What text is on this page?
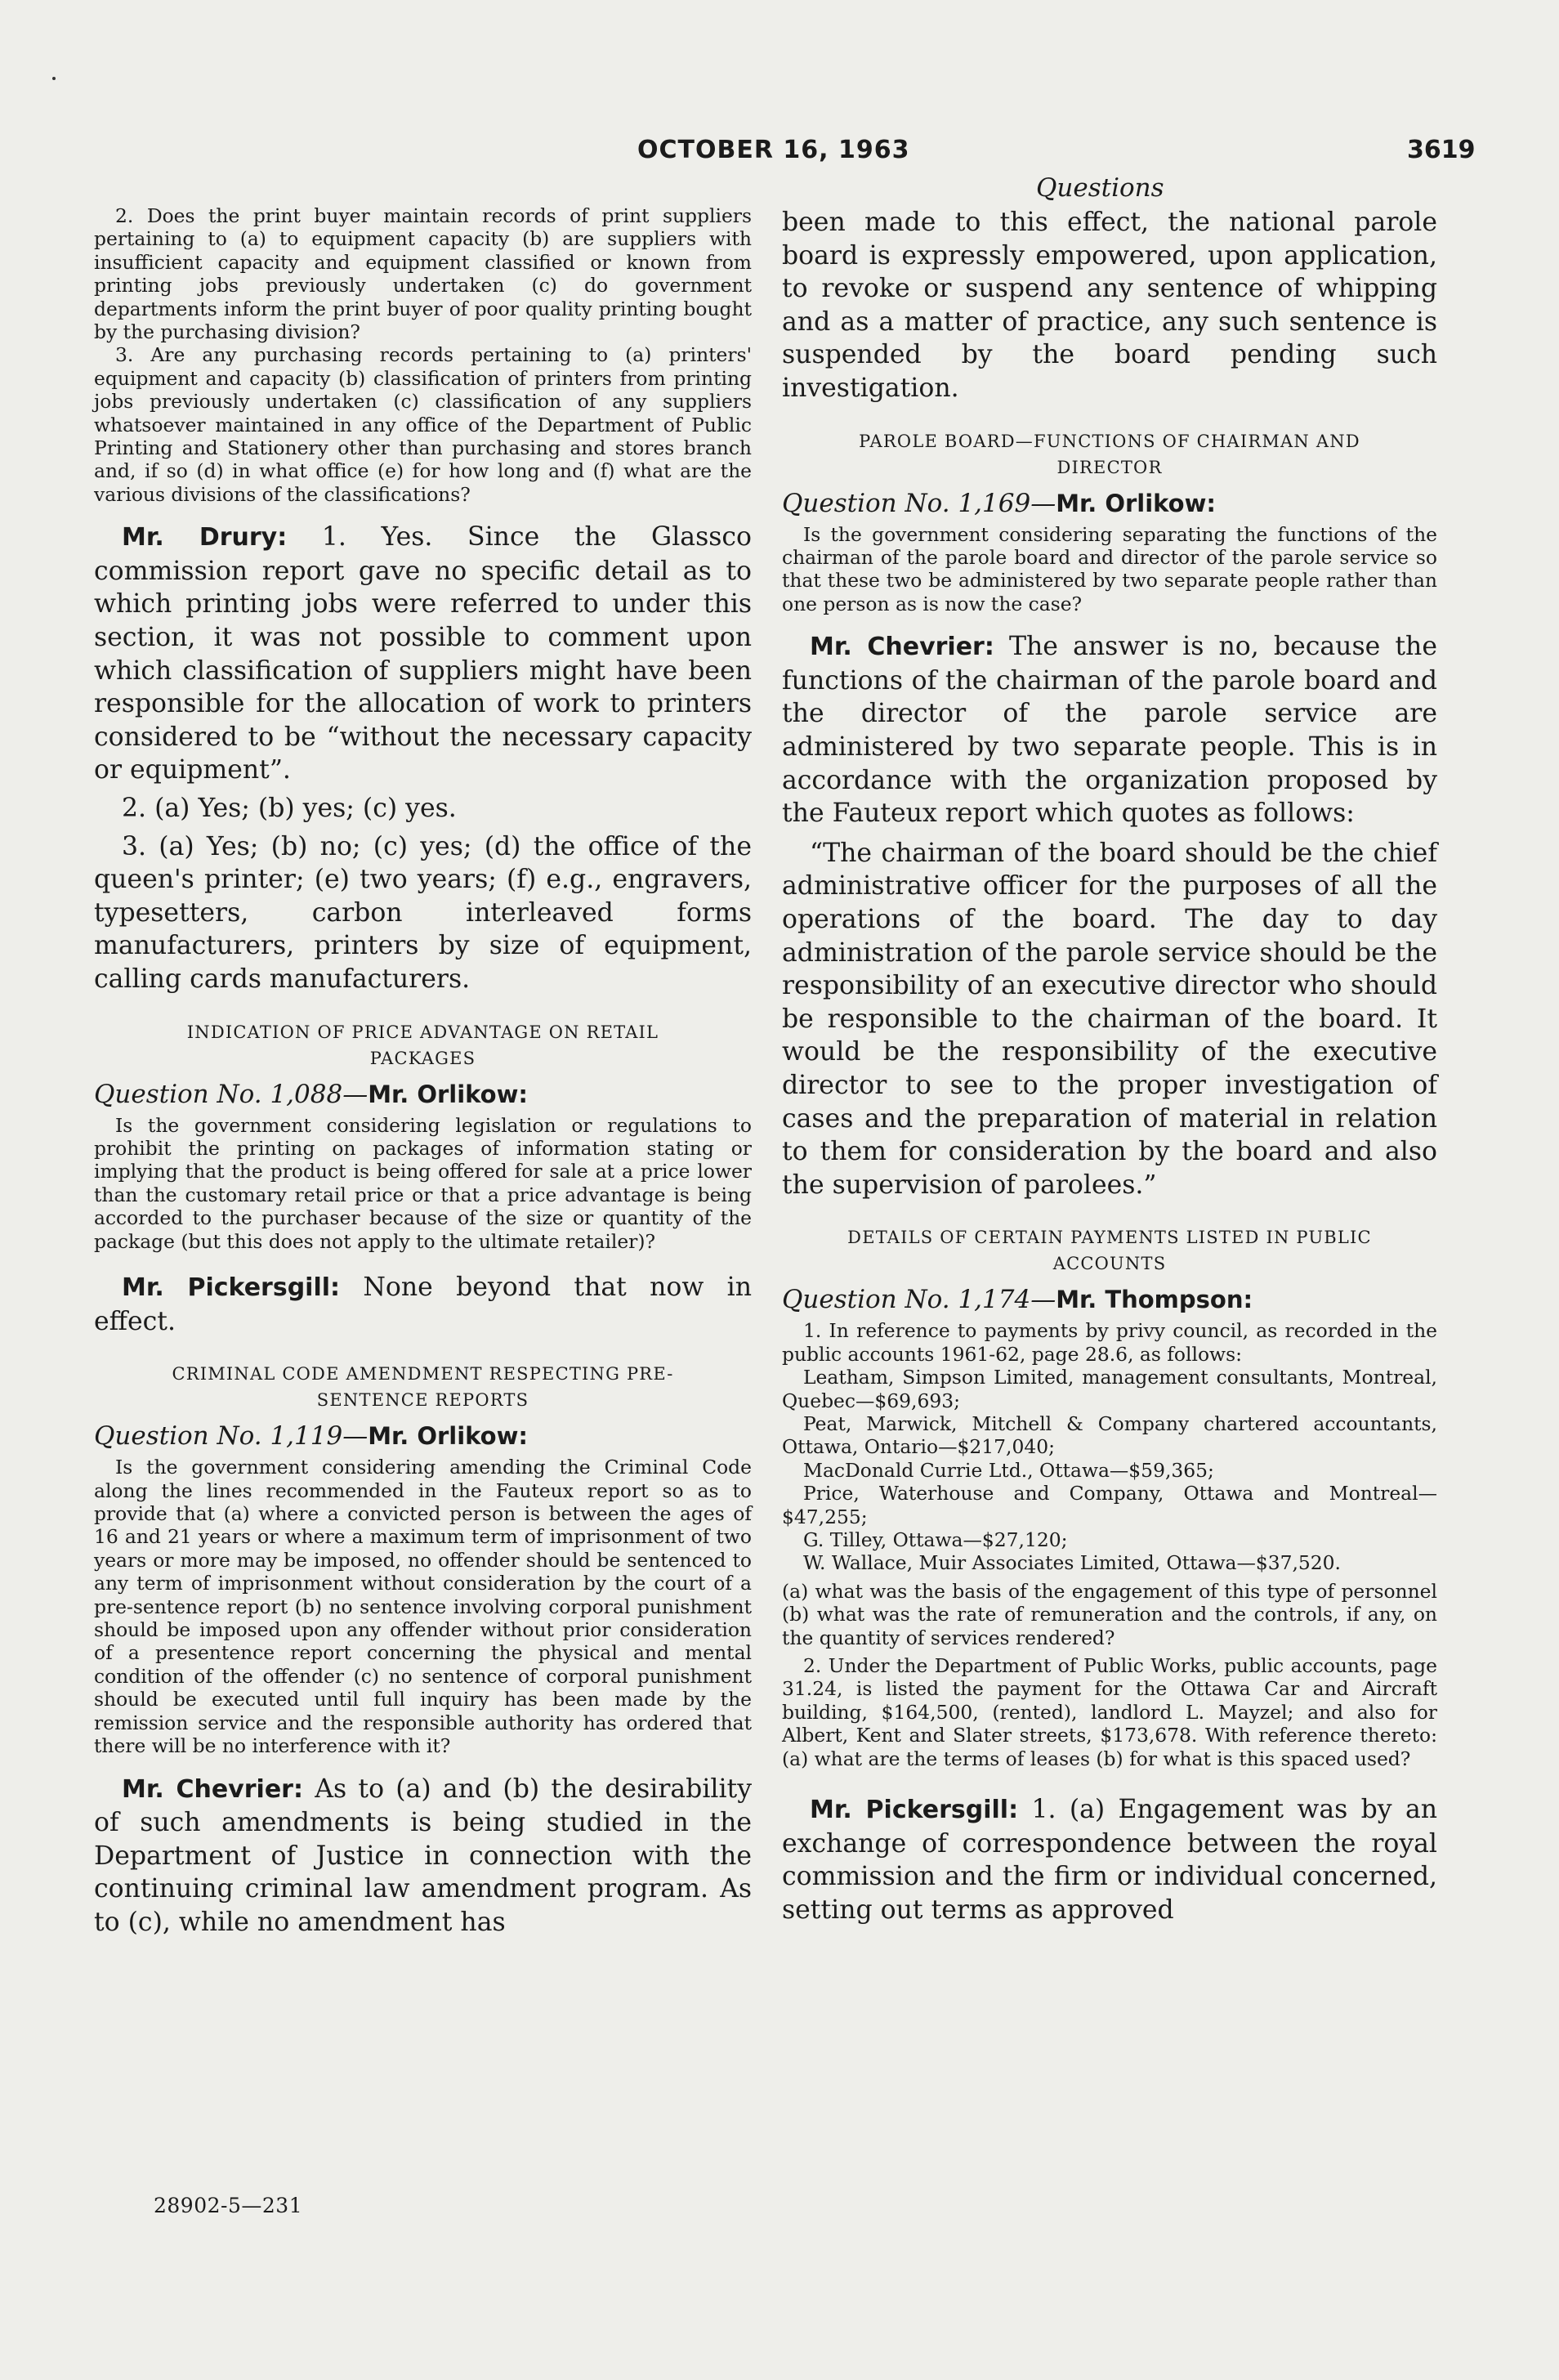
OCTOBER 16, 1963	3619
Questions

2. Does the print buyer maintain records of print suppliers pertaining to (a) to equipment capacity (b) are suppliers with insufficient capacity and equipment classified or known from printing jobs previously undertaken (c) do government departments inform the print buyer of poor quality printing bought by the purchasing division?

3. Are any purchasing records pertaining to (a) printers' equipment and capacity (b) classification of printers from printing jobs previously undertaken (c) classification of any suppliers whatsoever maintained in any office of the Department of Public Printing and Stationery other than purchasing and stores branch and, if so (d) in what office (e) for how long and (f) what are the various divisions of the classifications?

Mr. Drury: 1. Yes. Since the Glassco commission report gave no specific detail as to which printing jobs were referred to under this section, it was not possible to comment upon which classification of suppliers might have been responsible for the allocation of work to printers considered to be “without the necessary capacity or equipment”.

2. (a) Yes; (b) yes; (c) yes.

3. (a) Yes; (b) no; (c) yes; (d) the office of the queen's printer; (e) two years; (f) e.g., engravers, typesetters, carbon interleaved forms manufacturers, printers by size of equipment, calling cards manufacturers.

INDICATION OF PRICE ADVANTAGE ON RETAIL PACKAGES
Question No. 1,088—Mr. Orlikow:

Is the government considering legislation or regulations to prohibit the printing on packages of information stating or implying that the product is being offered for sale at a price lower than the customary retail price or that a price advantage is being accorded to the purchaser because of the size or quantity of the package (but this does not apply to the ultimate retailer)?

Mr. Pickersgill: None beyond that now in effect.

CRIMINAL CODE AMENDMENT RESPECTING PRE-SENTENCE REPORTS
Question No. 1,119—Mr. Orlikow:

Is the government considering amending the Criminal Code along the lines recommended in the Fauteux report so as to provide that (a) where a convicted person is between the ages of 16 and 21 years or where a maximum term of imprisonment of two years or more may be imposed, no offender should be sentenced to any term of imprisonment without consideration by the court of a pre-sentence report (b) no sentence involving corporal punishment should be imposed upon any offender without prior consideration of a presentence report concerning the physical and mental condition of the offender (c) no sentence of corporal punishment should be executed until full inquiry has been made by the remission service and the responsible authority has ordered that there will be no interference with it?

Mr. Chevrier: As to (a) and (b) the desirability of such amendments is being studied in the Department of Justice in connection with the continuing criminal law amendment program. As to (c), while no amendment has

been made to this effect, the national parole board is expressly empowered, upon application, to revoke or suspend any sentence of whipping and as a matter of practice, any such sentence is suspended by the board pending such investigation.

PAROLE BOARD—FUNCTIONS OF CHAIRMAN AND DIRECTOR
Question No. 1,169—Mr. Orlikow:

Is the government considering separating the functions of the chairman of the parole board and director of the parole service so that these two be administered by two separate people rather than one person as is now the case?

Mr. Chevrier: The answer is no, because the functions of the chairman of the parole board and the director of the parole service are administered by two separate people. This is in accordance with the organization proposed by the Fauteux report which quotes as follows:

“The chairman of the board should be the chief administrative officer for the purposes of all the operations of the board. The day to day administration of the parole service should be the responsibility of an executive director who should be responsible to the chairman of the board. It would be the responsibility of the executive director to see to the proper investigation of cases and the preparation of material in relation to them for consideration by the board and also the supervision of parolees.”

DETAILS OF CERTAIN PAYMENTS LISTED IN PUBLIC ACCOUNTS
Question No. 1,174—Mr. Thompson:

1. In reference to payments by privy council, as recorded in the public accounts 1961-62, page 28.6, as follows:

Leatham, Simpson Limited, management consultants, Montreal, Quebec—$69,693;

Peat, Marwick, Mitchell & Company chartered accountants, Ottawa, Ontario—$217,040;

MacDonald Currie Ltd., Ottawa—$59,365;

Price, Waterhouse and Company, Ottawa and Montreal—$47,255;

G. Tilley, Ottawa—$27,120;

W. Wallace, Muir Associates Limited, Ottawa—$37,520.

(a) what was the basis of the engagement of this type of personnel (b) what was the rate of remuneration and the controls, if any, on the quantity of services rendered?

2. Under the Department of Public Works, public accounts, page 31.24, is listed the payment for the Ottawa Car and Aircraft building, $164,500, (rented), landlord L. Mayzel; and also for Albert, Kent and Slater streets, $173,678. With reference thereto: (a) what are the terms of leases (b) for what is this spaced used?

Mr. Pickersgill: 1. (a) Engagement was by an exchange of correspondence between the royal commission and the firm or individual concerned, setting out terms as approved

28902-5—231
